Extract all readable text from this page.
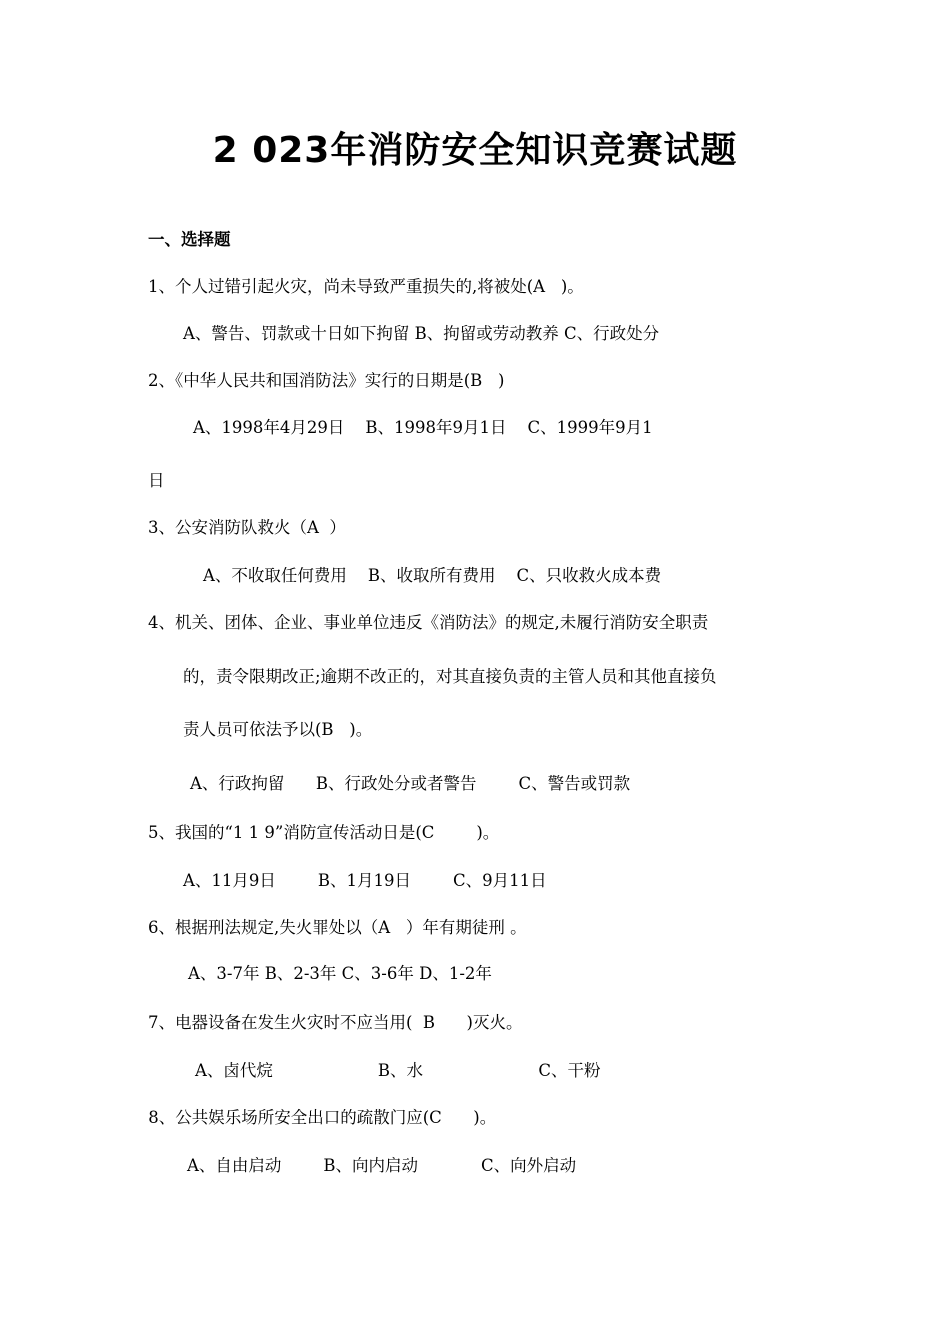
2 023年消防安全知识竞赛试题
一、选择题
1、个人过错引起火灾，尚未导致严重损失的,将被处(A   )。
A、警告、罚款或十日如下拘留 B、拘留或劳动教养 C、行政处分
2、《中华人民共和国消防法》实行的日期是(B   )
A、1998年4月29日    B、1998年9月1日    C、1999年9月1
日
3、公安消防队救火（A  ）
A、不收取任何费用    B、收取所有费用    C、只收救火成本费
4、机关、团体、企业、事业单位违反《消防法》的规定,未履行消防安全职责
的，责令限期改正;逾期不改正的，对其直接负责的主管人员和其他直接负
责人员可依法予以(B   )。
A、行政拘留      B、行政处分或者警告        C、警告或罚款
5、我国的“1 1 9”消防宣传活动日是(C        )。
A、11月9日        B、1月19日        C、9月11日
6、根据刑法规定,失火罪处以（A   ）年有期徒刑 。
A、3-7年 B、2-3年 C、3-6年 D、1-2年
7、电器设备在发生火灾时不应当用(  B      )灭火。
A、卤代烷                    B、水                      C、干粉
8、公共娱乐场所安全出口的疏散门应(C      )。
A、自由启动        B、向内启动            C、向外启动
